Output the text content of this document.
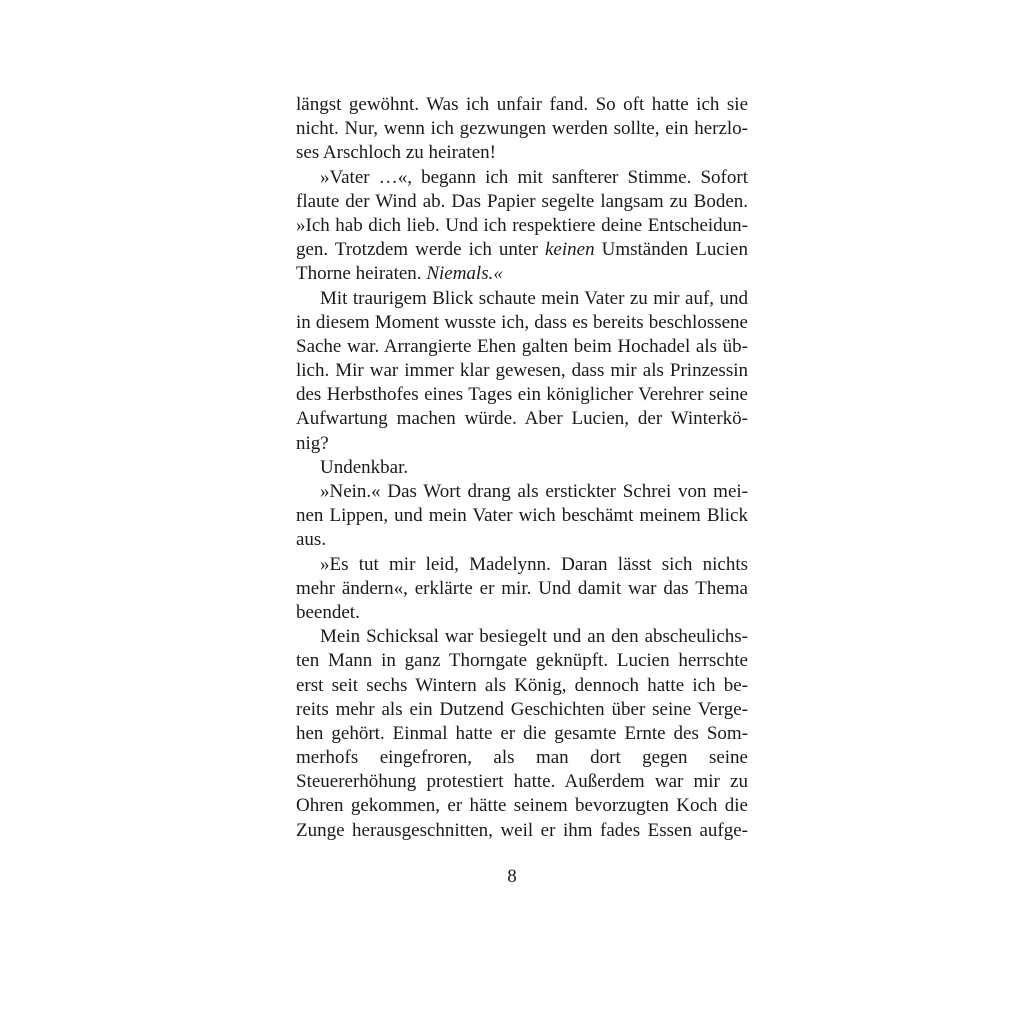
längst gewöhnt. Was ich unfair fand. So oft hatte ich sie
nicht. Nur, wenn ich gezwungen werden sollte, ein herzlo-
ses Arschloch zu heiraten!
»Vater …«, begann ich mit sanfterer Stimme. Sofort
flaute der Wind ab. Das Papier segelte langsam zu Boden.
»Ich hab dich lieb. Und ich respektiere deine Entscheidun-
gen. Trotzdem werde ich unter keinen Umständen Lucien
Thorne heiraten. Niemals.«
Mit traurigem Blick schaute mein Vater zu mir auf, und
in diesem Moment wusste ich, dass es bereits beschlossene
Sache war. Arrangierte Ehen galten beim Hochadel als üb-
lich. Mir war immer klar gewesen, dass mir als Prinzessin
des Herbsthofes eines Tages ein königlicher Verehrer seine
Aufwartung machen würde. Aber Lucien, der Winterkö-
nig?
Undenkbar.
»Nein.« Das Wort drang als erstickter Schrei von mei-
nen Lippen, und mein Vater wich beschämt meinem Blick
aus.
»Es tut mir leid, Madelynn. Daran lässt sich nichts
mehr ändern«, erklärte er mir. Und damit war das Thema
beendet.
Mein Schicksal war besiegelt und an den abscheulichs-
ten Mann in ganz Thorngate geknüpft. Lucien herrschte
erst seit sechs Wintern als König, dennoch hatte ich be-
reits mehr als ein Dutzend Geschichten über seine Verge-
hen gehört. Einmal hatte er die gesamte Ernte des Som-
merhofs eingefroren, als man dort gegen seine
Steuererhöhung protestiert hatte. Außerdem war mir zu
Ohren gekommen, er hätte seinem bevorzugten Koch die
Zunge herausgeschnitten, weil er ihm fades Essen aufge-
8
